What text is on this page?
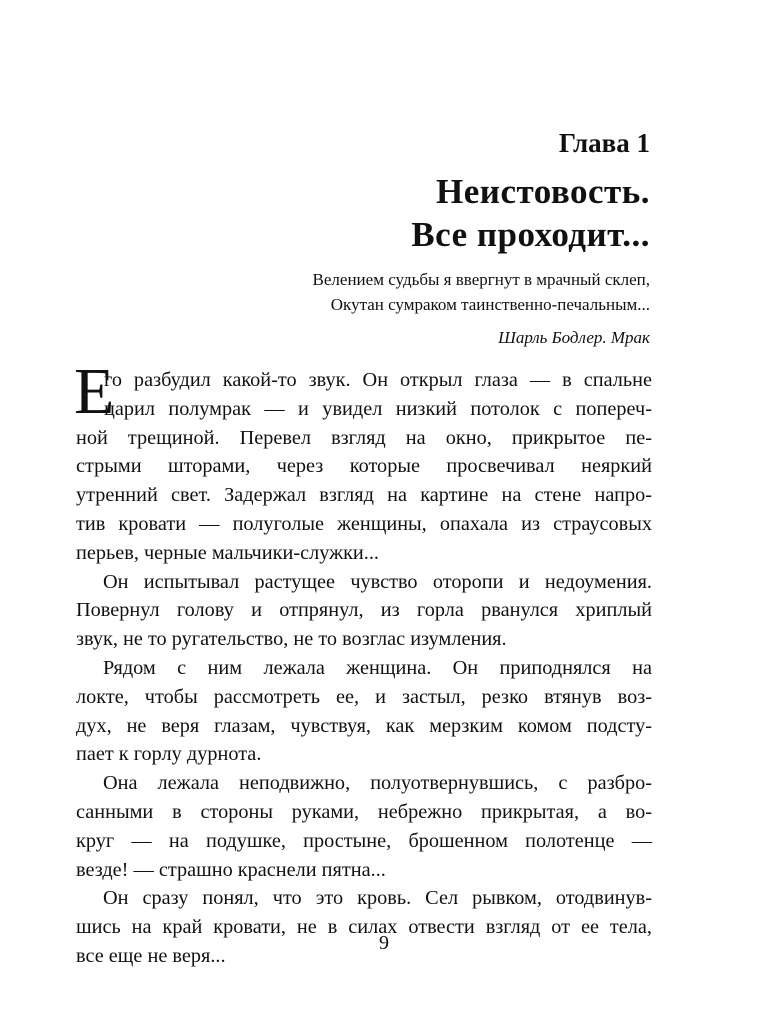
Глава 1
Неистовость.
Все проходит...
Велением судьбы я ввергнут в мрачный склеп,
Окутан сумраком таинственно-печальным...
Шарль Бодлер. Мрак
Е
го разбудил какой-то звук. Он открыл глаза — в спальне
царил полумрак — и увидел низкий потолок с попереч-
ной трещиной. Перевел взгляд на окно, прикрытое пе-
стрыми шторами, через которые просвечивал неяркий
утренний свет. Задержал взгляд на картине на стене напро-
тив кровати — полуголые женщины, опахала из страусовых
перьев, черные мальчики-служки...
Он испытывал растущее чувство оторопи и недоумения.
Повернул голову и отпрянул, из горла рванулся хриплый
звук, не то ругательство, не то возглас изумления.
Рядом с ним лежала женщина. Он приподнялся на
локте, чтобы рассмотреть ее, и застыл, резко втянув воз-
дух, не веря глазам, чувствуя, как мерзким комом подсту-
пает к горлу дурнота.
Она лежала неподвижно, полуотвернувшись, с разбро-
санными в стороны руками, небрежно прикрытая, а во-
круг — на подушке, простыне, брошенном полотенце —
везде! — страшно краснели пятна...
Он сразу понял, что это кровь. Сел рывком, отодвинув-
шись на край кровати, не в силах отвести взгляд от ее тела,
все еще не веря...
9
